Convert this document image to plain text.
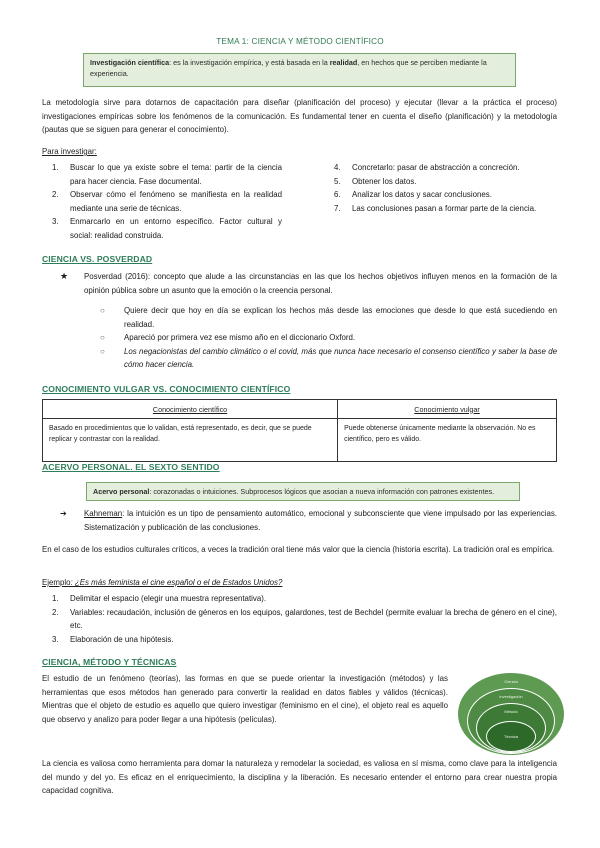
TEMA 1: CIENCIA Y MÉTODO CIENTÍFICO
Investigación científica: es la investigación empírica, y está basada en la realidad, en hechos que se perciben mediante la experiencia.
La metodología sirve para dotarnos de capacitación para diseñar (planificación del proceso) y ejecutar (llevar a la práctica el proceso) investigaciones empíricas sobre los fenómenos de la comunicación. Es fundamental tener en cuenta el diseño (planificación) y la metodología (pautas que se siguen para generar el conocimiento).
Para investigar:
1. Buscar lo que ya existe sobre el tema: partir de la ciencia para hacer ciencia. Fase documental.
2. Observar cómo el fenómeno se manifiesta en la realidad mediante una serie de técnicas.
3. Enmarcarlo en un entorno específico. Factor cultural y social: realidad construida.
4. Concretarlo: pasar de abstracción a concreción.
5. Obtener los datos.
6. Analizar los datos y sacar conclusiones.
7. Las conclusiones pasan a formar parte de la ciencia.
CIENCIA VS. POSVERDAD
★	Posverdad (2016): concepto que alude a las circunstancias en las que los hechos objetivos influyen menos en la formación de la opinión pública sobre un asunto que la emoción o la creencia personal.
○ Quiere decir que hoy en día se explican los hechos más desde las emociones que desde lo que está sucediendo en realidad.
○ Apareció por primera vez ese mismo año en el diccionario Oxford.
○ Los negacionistas del cambio climático o el covid, más que nunca hace necesario el consenso científico y saber la base de cómo hacer ciencia.
CONOCIMIENTO VULGAR VS. CONOCIMIENTO CIENTÍFICO
Conocimiento científico	Conocimiento vulgar
Basado en procedimientos que lo validan, está representado, es decir, que se puede replicar y contrastar con la realidad.	Puede obtenerse únicamente mediante la observación. No es científico, pero es válido.
ACERVO PERSONAL. EL SEXTO SENTIDO
Acervo personal: corazonadas o intuiciones. Subprocesos lógicos que asocian a nueva información con patrones existentes.
➔	Kahneman: la intuición es un tipo de pensamiento automático, emocional y subconsciente que viene impulsado por las experiencias. Sistematización y publicación de las conclusiones.
En el caso de los estudios culturales críticos, a veces la tradición oral tiene más valor que la ciencia (historia escrita). La tradición oral es empírica.
Ejemplo: ¿Es más feminista el cine español o el de Estados Unidos?
1. Delimitar el espacio (elegir una muestra representativa).
2. Variables: recaudación, inclusión de géneros en los equipos, galardones, test de Bechdel (permite evaluar la brecha de género en el cine), etc.
3. Elaboración de una hipótesis.
CIENCIA, MÉTODO Y TÉCNICAS
El estudio de un fenómeno (teorías), las formas en que se puede orientar la investigación (métodos) y las herramientas que esos métodos han generado para convertir la realidad en datos fiables y válidos (técnicas). Mientras que el objeto de estudio es aquello que quiero investigar (feminismo en el cine), el objeto real es aquello que observo y analizo para poder llegar a una hipótesis (películas).
Ciencia
Investigación
Método
Técnica
La ciencia es valiosa como herramienta para domar la naturaleza y remodelar la sociedad, es valiosa en sí misma, como clave para la inteligencia del mundo y del yo. Es eficaz en el enriquecimiento, la disciplina y la liberación. Es necesario entender el entorno para crear nuestra propia capacidad cognitiva.
